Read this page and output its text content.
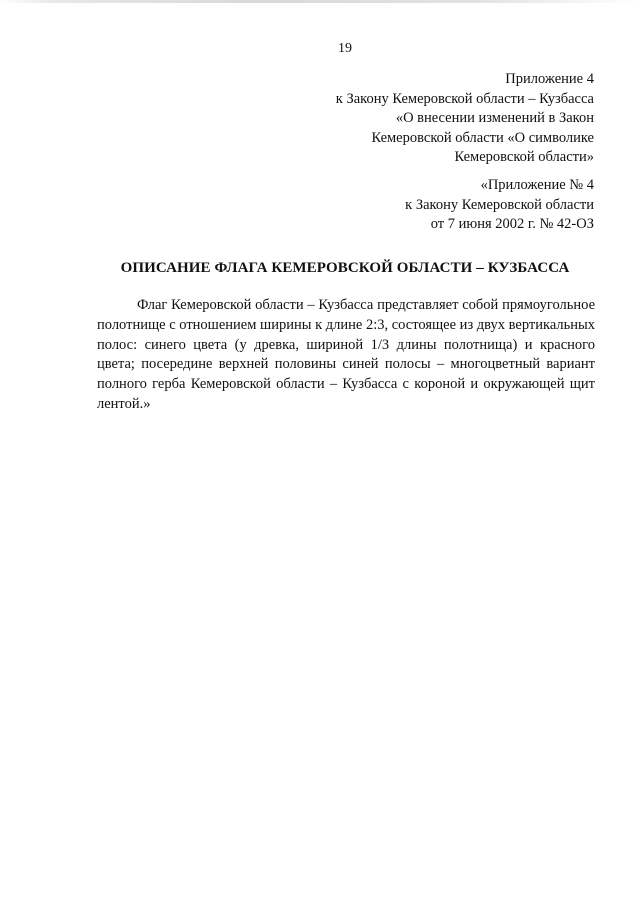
19
Приложение 4
к Закону Кемеровской области – Кузбасса
«О внесении изменений в Закон
Кемеровской области «О символике
Кемеровской области»
«Приложение № 4
к Закону Кемеровской области
от 7 июня 2002 г. № 42-ОЗ
ОПИСАНИЕ ФЛАГА КЕМЕРОВСКОЙ ОБЛАСТИ – КУЗБАССА

Флаг Кемеровской области – Кузбасса представляет собой прямоугольное полотнище с отношением ширины к длине 2:3, состоящее из двух вертикальных полос: синего цвета (у древка, шириной 1/3 длины полотнища) и красного цвета; посередине верхней половины синей полосы – многоцветный вариант полного герба Кемеровской области – Кузбасса с короной и окружающей щит лентой.»
